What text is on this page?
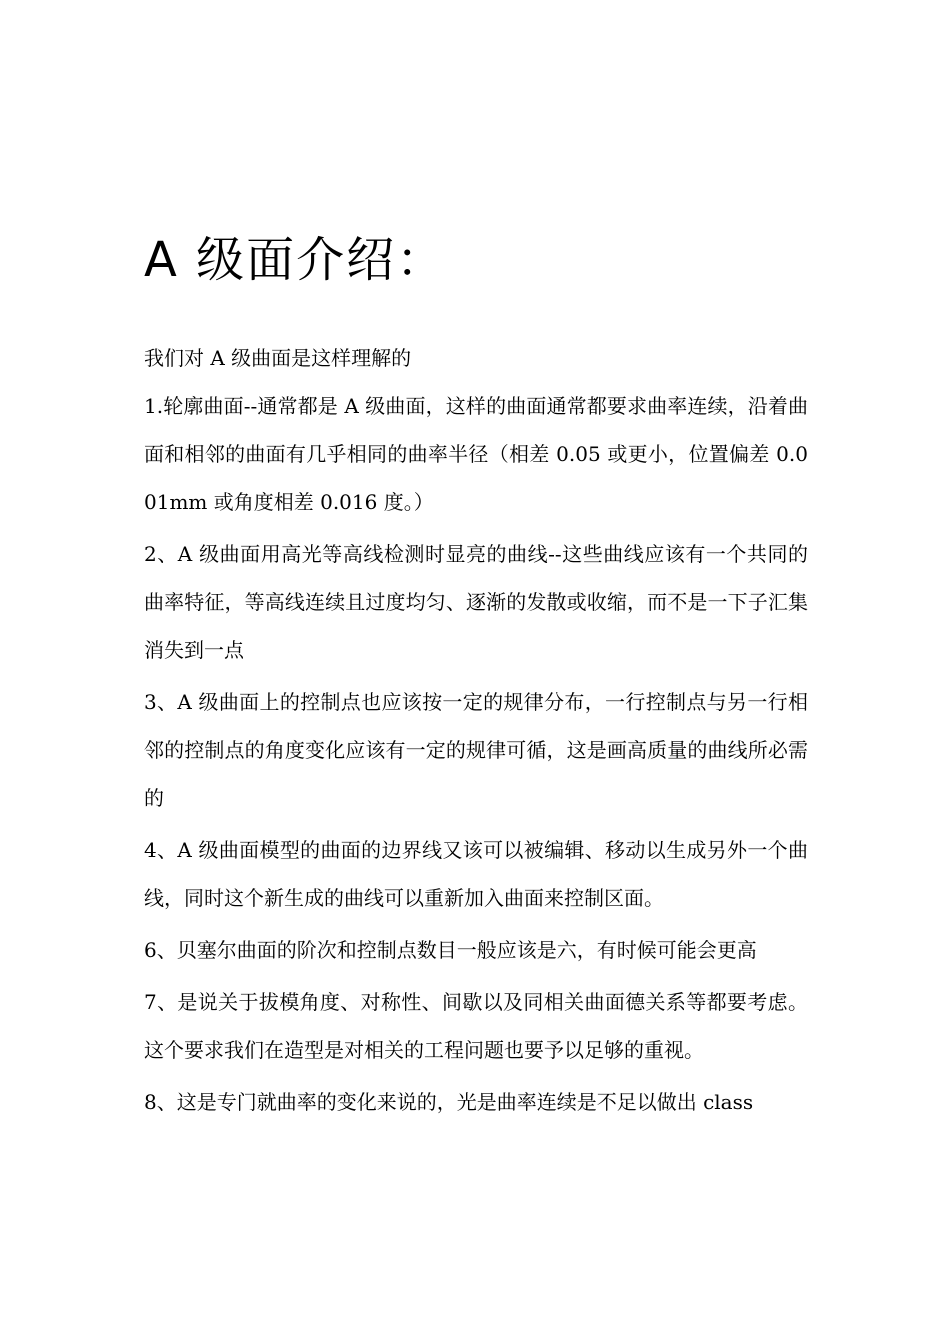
A 级面介绍：

我们对 A 级曲面是这样理解的

1.轮廓曲面--通常都是 A 级曲面，这样的曲面通常都要求曲率连续，沿着曲面和相邻的曲面有几乎相同的曲率半径（相差 0.05 或更小，位置偏差 0.001mm 或角度相差 0.016 度。）

2、A 级曲面用高光等高线检测时显亮的曲线--这些曲线应该有一个共同的曲率特征，等高线连续且过度均匀、逐渐的发散或收缩，而不是一下子汇集消失到一点

3、A 级曲面上的控制点也应该按一定的规律分布，一行控制点与另一行相邻的控制点的角度变化应该有一定的规律可循，这是画高质量的曲线所必需的

4、A 级曲面模型的曲面的边界线又该可以被编辑、移动以生成另外一个曲线，同时这个新生成的曲线可以重新加入曲面来控制区面。

6、贝塞尔曲面的阶次和控制点数目一般应该是六，有时候可能会更高

7、是说关于拔模角度、对称性、间歇以及同相关曲面德关系等都要考虑。这个要求我们在造型是对相关的工程问题也要予以足够的重视。

8、这是专门就曲率的变化来说的，光是曲率连续是不足以做出 class
